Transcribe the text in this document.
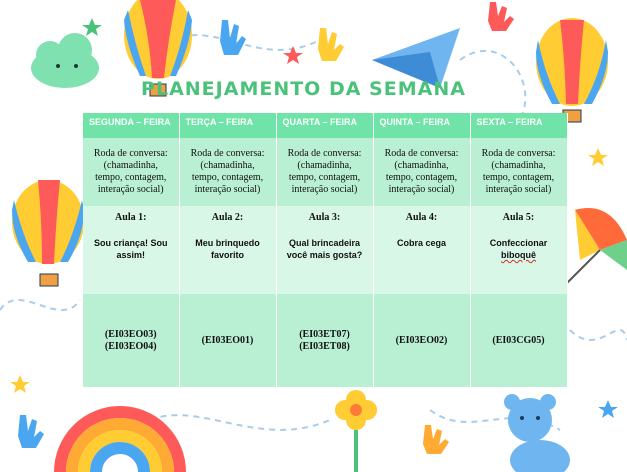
PLANEJAMENTO DA SEMANA
SEGUNDA – FEIRA	TERÇA – FEIRA	QUARTA – FEIRA	QUINTA – FEIRA	SEXTA – FEIRA
Roda de conversa:
(chamadinha,
tempo, contagem,
interação social)	Roda de conversa:
(chamadinha,
tempo, contagem,
interação social)	Roda de conversa:
(chamadinha,
tempo, contagem,
interação social)	Roda de conversa:
(chamadinha,
tempo, contagem,
interação social)	Roda de conversa:
(chamadinha,
tempo, contagem,
interação social)

Aula 1:
Sou criança! Sou
assim!	Aula 2:
Meu brinquedo
favorito	Aula 3:
Qual brincadeira
você mais gosta?	Aula 4:
Cobra cega	Aula 5:
Confeccionar
biboquê

(EI03EO03)
(EI03EO04)	(EI03EO01)	(EI03ET07)
(EI03ET08)	(EI03EO02)	(EI03CG05)
